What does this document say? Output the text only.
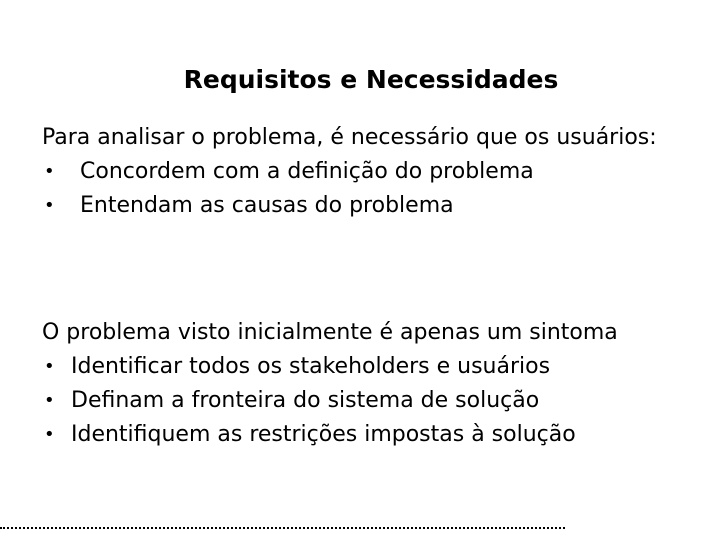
Requisitos e Necessidades

Para analisar o problema, é necessário que os usuários:

• Concordem com a definição do problema
• Entendam as causas do problema

O problema visto inicialmente é apenas um sintoma

• Identificar todos os stakeholders e usuários
• Definam a fronteira do sistema de solução
• Identifiquem as restrições impostas à solução
